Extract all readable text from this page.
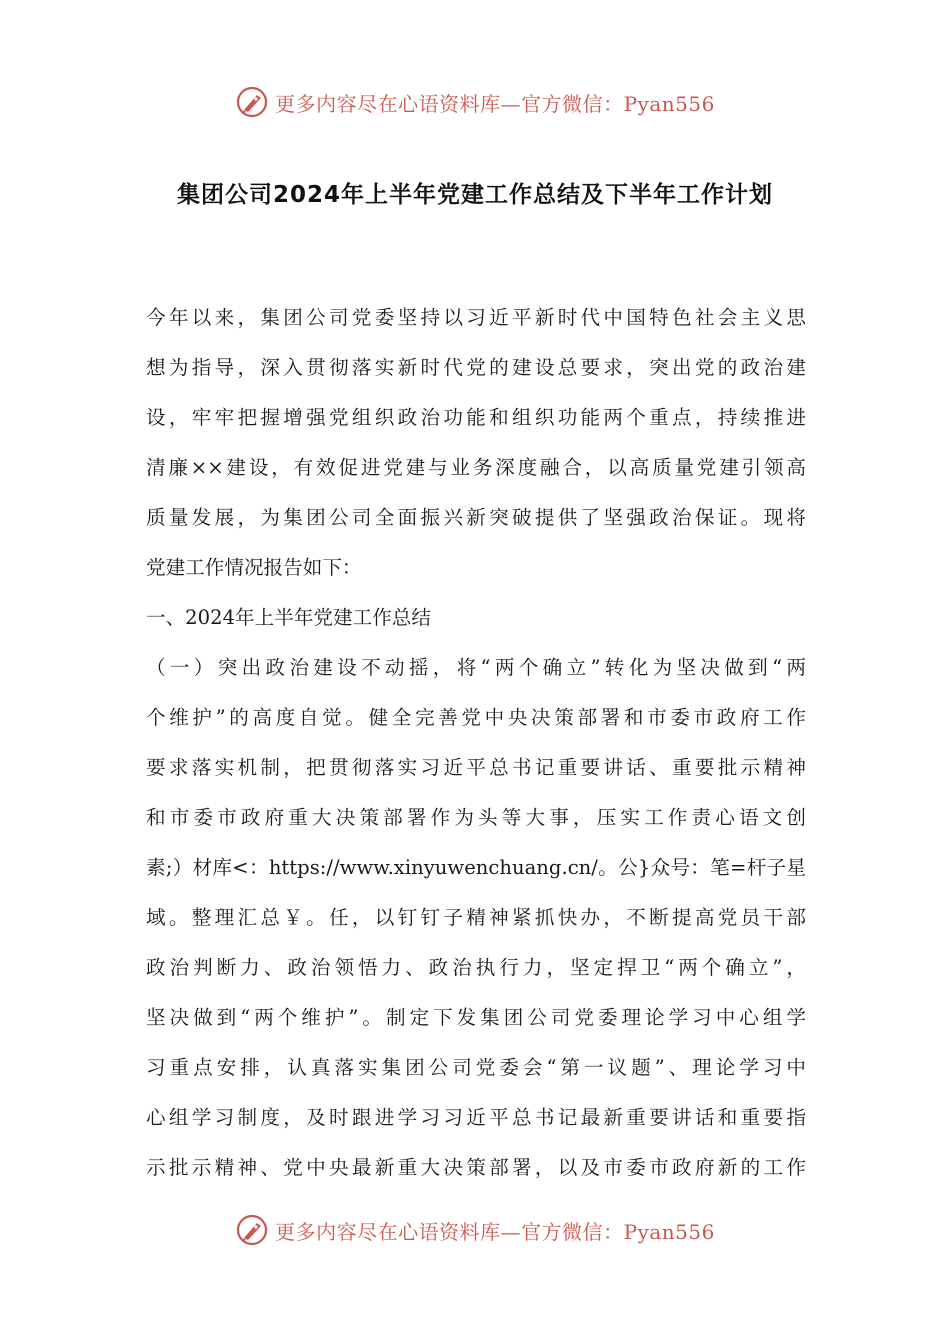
更多内容尽在心语资料库—官方微信：Pyan556
集团公司2024年上半年党建工作总结及下半年工作计划
今年以来，集团公司党委坚持以习近平新时代中国特色社会主义思
想为指导，深入贯彻落实新时代党的建设总要求，突出党的政治建
设，牢牢把握增强党组织政治功能和组织功能两个重点，持续推进
清廉××建设，有效促进党建与业务深度融合，以高质量党建引领高
质量发展，为集团公司全面振兴新突破提供了坚强政治保证。现将
党建工作情况报告如下：
一、2024年上半年党建工作总结
（一）突出政治建设不动摇，将“两个确立”转化为坚决做到“两
个维护”的高度自觉。健全完善党中央决策部署和市委市政府工作
要求落实机制，把贯彻落实习近平总书记重要讲话、重要批示精神
和市委市政府重大决策部署作为头等大事，压实工作责心语文创
素;）材库<：https://www.xinyuwenchuang.cn/。公}众号：笔=杆子星
域。整理汇总￥。任，以钉钉子精神紧抓快办，不断提高党员干部
政治判断力、政治领悟力、政治执行力，坚定捍卫“两个确立”，
坚决做到“两个维护”。制定下发集团公司党委理论学习中心组学
习重点安排，认真落实集团公司党委会“第一议题”、理论学习中
心组学习制度，及时跟进学习习近平总书记最新重要讲话和重要指
示批示精神、党中央最新重大决策部署，以及市委市政府新的工作
更多内容尽在心语资料库—官方微信：Pyan556
